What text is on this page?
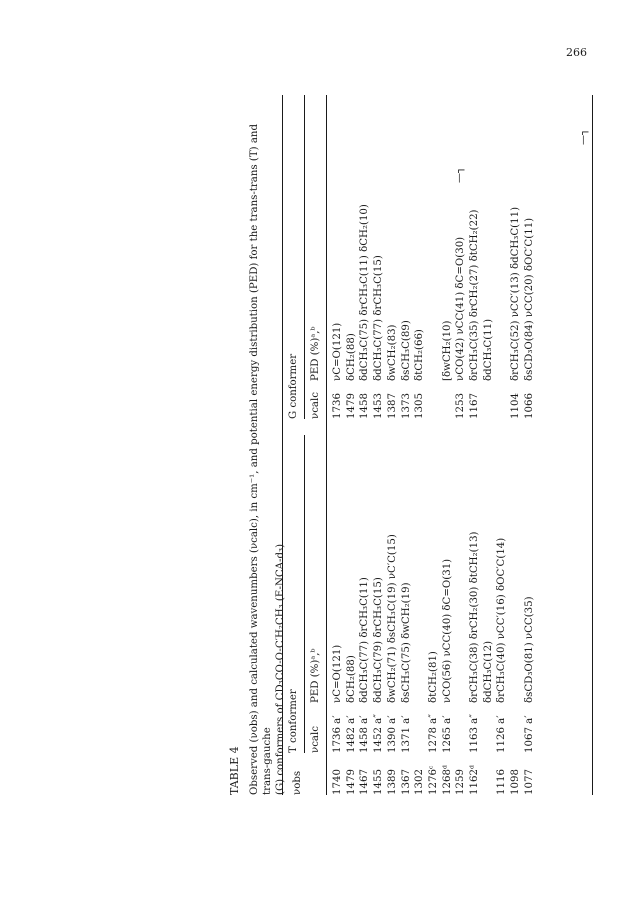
266
TABLE 4 Observed (νobs) and calculated wavenumbers (νcalc), in cm⁻¹, and potential energy distribution (PED) for the trans-trans (T) and trans-gauche (G) conformers of CD₃CO-O-C′H₂CH₃ (E-NCA-d₃) νobs
T conformer
G conformer
νcalc
PED (%)ᵃ,ᵇ
νcalc
PED (%)ᵃ,ᵇ
1740
1736 a′
νC=O(121)
1736
νC=O(121)
1479
1482 a′
δCH₂(88)
1479
δCH₂(88)
1467
1458 a′
δdCH₃C(77) δrCH₃C(11)
1458
δdCH₃C(75) δrCH₃C(11) δCH₂(10)
1455
1452 a″
δdCH₃C(79) δrCH₃C(15)
1453
δdCH₃C(77) δrCH₃C(15)
1389
1390 a′
δwCH₂(71) δsCH₃C(19) νC′C(15)
1387
δwCH₂(83)
1367
1371 a′
δsCH₃C(75) δwCH₂(19)
1373
δsCH₃C(89)
1302
1305
δtCH₂(66)
1276ᶜ
1278 a″
δtCH₂(81)
1268ᵈ
1265 a′
νCO(56) νCC(40) δC=O(31)
[δwCH₂(10)
1259
1253
νCO(42) νCC(41) δC=O(30)
1162ᵈ
1163 a″
δrCH₃C(38) δrCH₂(30) δtCH₂(13)
1167
δrCH₃C(35) δrCH₂(27) δtCH₂(22)
δdCH₃C(12)
δdCH₃C(11)
1116
1126 a′
δrCH₃C(40) νCC′(16) δOC′C(14)
1098
1104
δrCH₃C(52) νCC′(13) δdCH₃C(11)
1077
1067 a′
δsCD₃O(81) νCC(35)
1066
δsCD₃O(84) νCC(20) δOC′C(11)
—┐
—┐
